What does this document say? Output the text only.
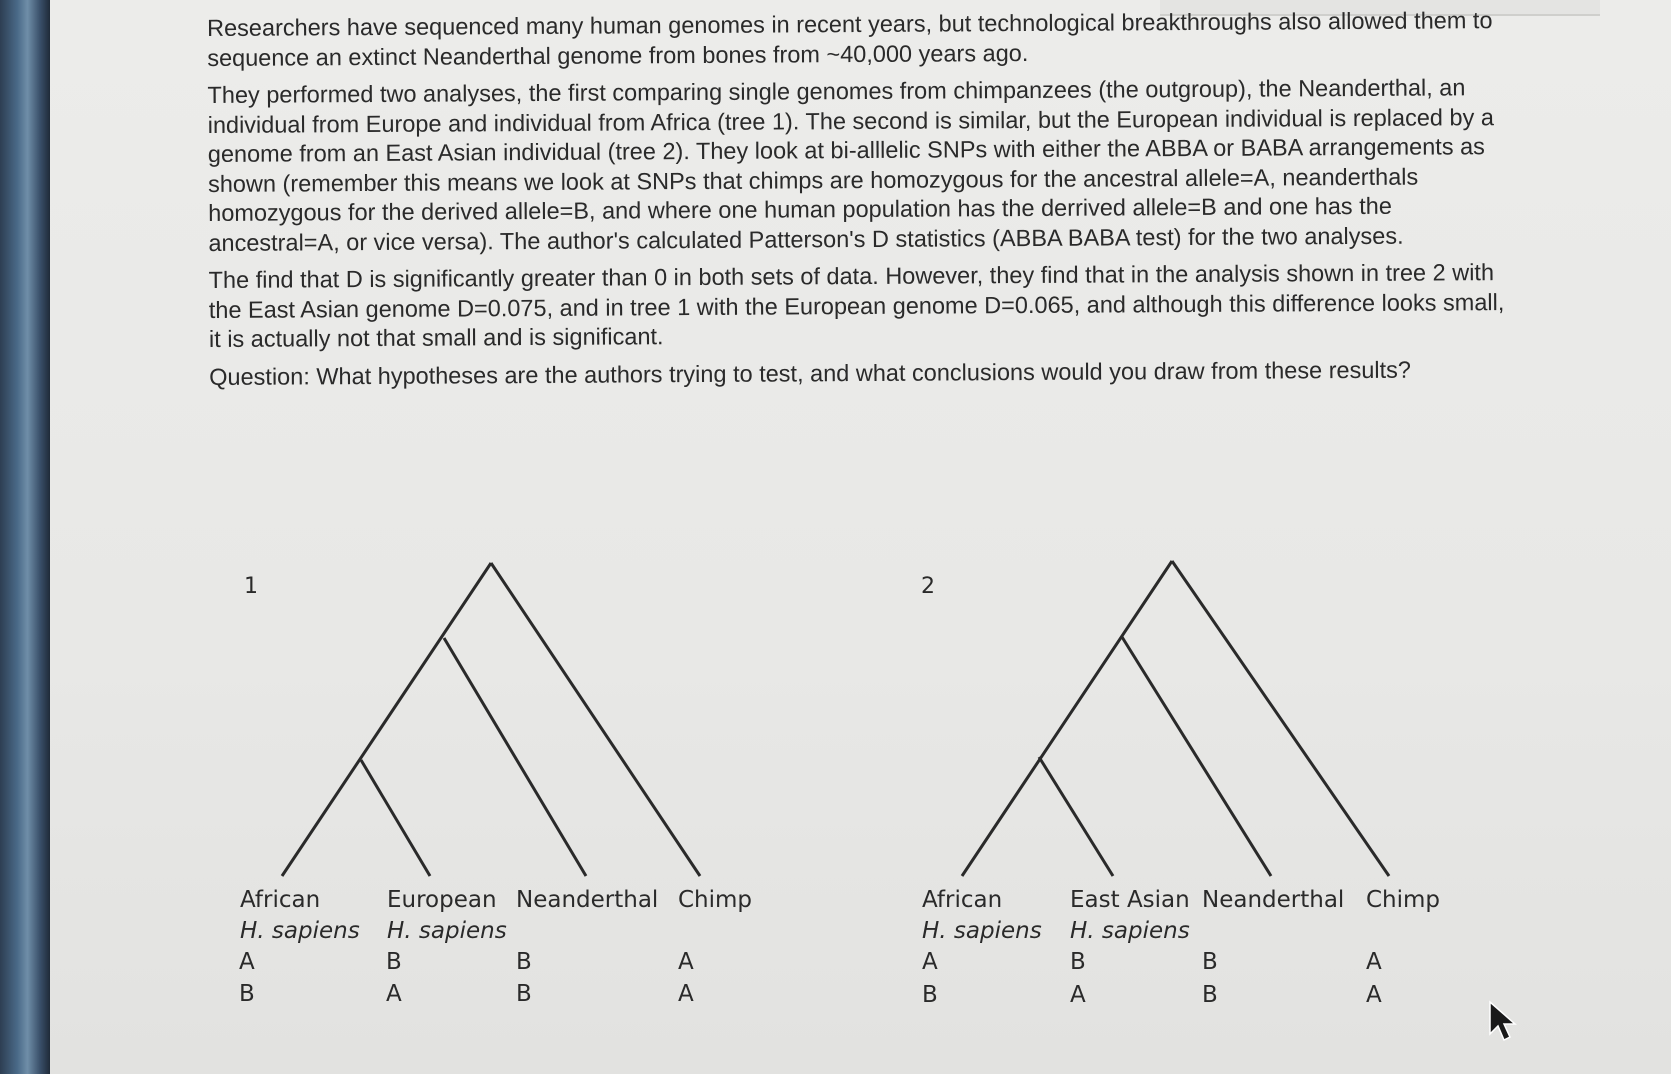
Researchers have sequenced many human genomes in recent years, but technological breakthroughs also allowed them to sequence an extinct Neanderthal genome from bones from ~40,000 years ago.

They performed two analyses, the first comparing single genomes from chimpanzees (the outgroup), the Neanderthal, an individual from Europe and individual from Africa (tree 1). The second is similar, but the European individual is replaced by a genome from an East Asian individual (tree 2). They look at bi-alllelic SNPs with either the ABBA or BABA arrangements as shown (remember this means we look at SNPs that chimps are homozygous for the ancestral allele=A, neanderthals homozygous for the derived allele=B, and where one human population has the derrived allele=B and one has the ancestral=A, or vice versa). The author's calculated Patterson's D statistics (ABBA BABA test) for the two analyses.

The find that D is significantly greater than 0 in both sets of data. However, they find that in the analysis shown in tree 2 with the East Asian genome D=0.075, and in tree 1 with the European genome D=0.065, and although this difference looks small, it is actually not that small and is significant.

Question: What hypotheses are the authors trying to test, and what conclusions would you draw from these results?

1
African
H. sapiens
A
B
European
H. sapiens
B
A
Neanderthal
B
B
Chimp
A
A
2
African
H. sapiens
A
B
East Asian
H. sapiens
B
A
Neanderthal
B
B
Chimp
A
A
